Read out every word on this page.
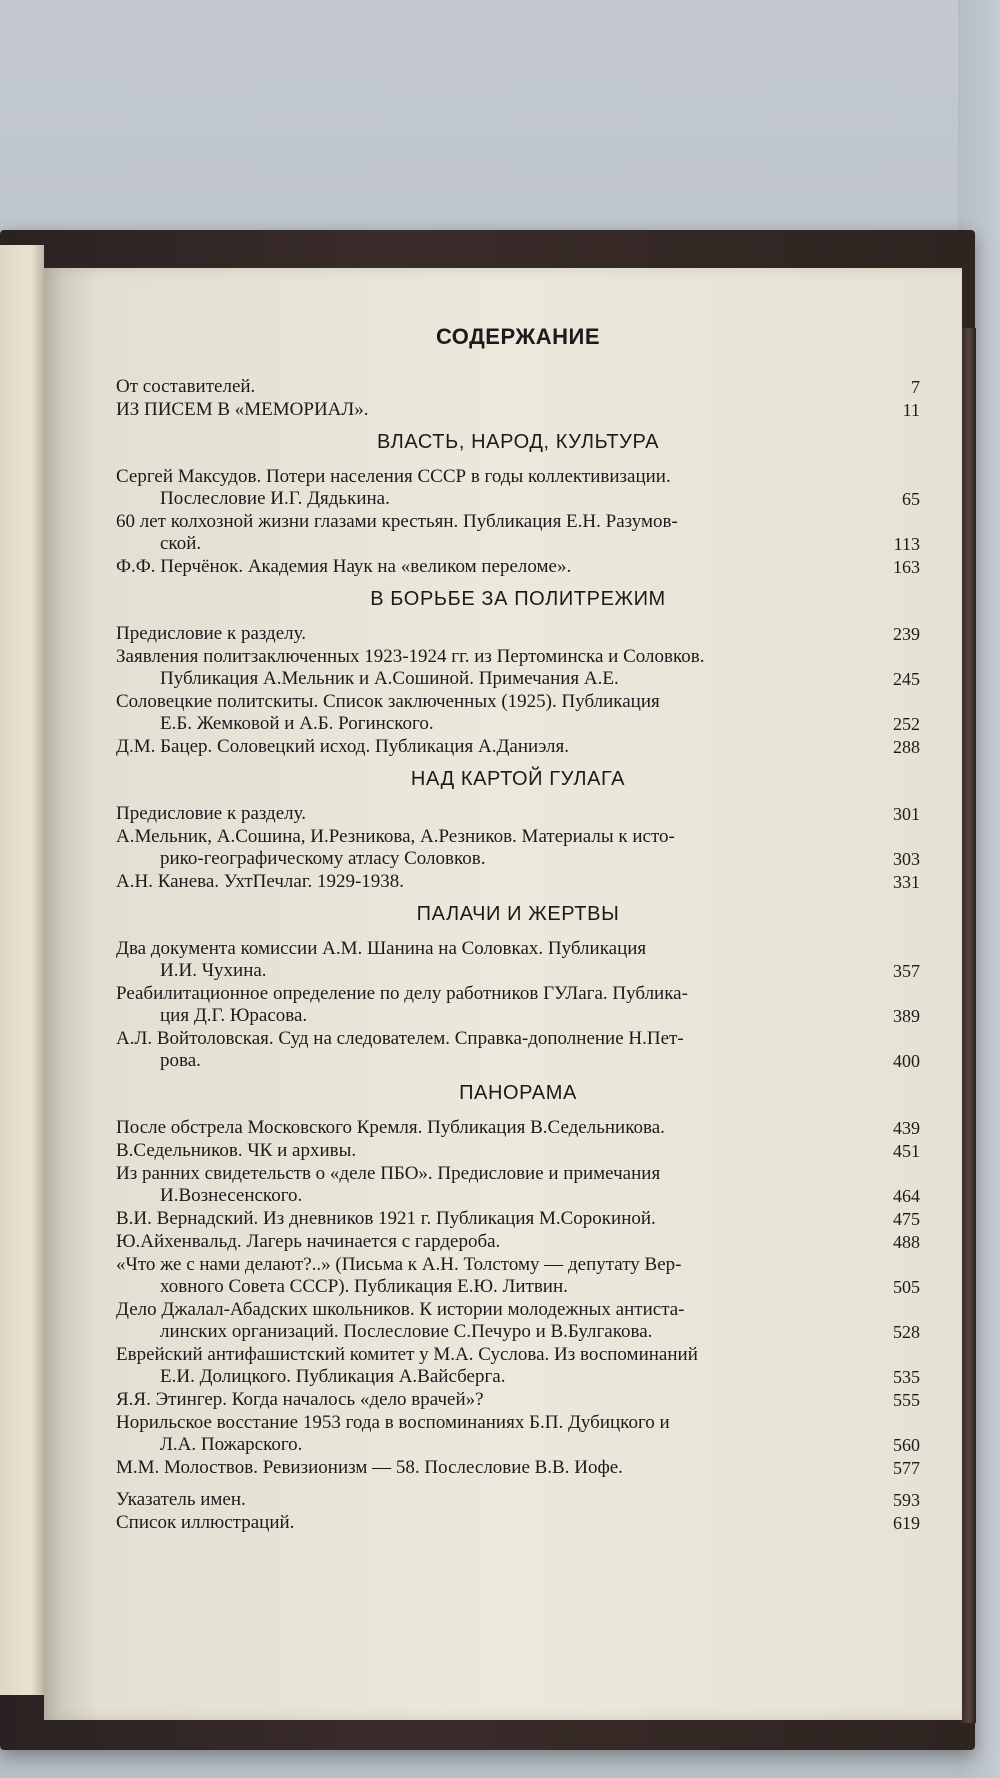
СОДЕРЖАНИЕ
От составителей.	7
ИЗ ПИСЕМ В «МЕМОРИАЛ».	11
ВЛАСТЬ, НАРОД, КУЛЬТУРА
Сергей Максудов. Потери населения СССР в годы коллективизации.
Послесловие И.Г. Дядькина.	65
60 лет колхозной жизни глазами крестьян. Публикация Е.Н. Разумов-
ской.	113
Ф.Ф. Перчёнок. Академия Наук на «великом переломе».	163
В БОРЬБЕ ЗА ПОЛИТРЕЖИМ
Предисловие к разделу.	239
Заявления политзаключенных 1923-1924 гг. из Пертоминска и Соловков.
Публикация А.Мельник и А.Сошиной. Примечания А.Е.	245
Соловецкие политскиты. Список заключенных (1925). Публикация
Е.Б. Жемковой и А.Б. Рогинского.	252
Д.М. Бацер. Соловецкий исход. Публикация А.Даниэля.	288
НАД КАРТОЙ ГУЛАГА
Предисловие к разделу.	301
А.Мельник, А.Сошина, И.Резникова, А.Резников. Материалы к исто-
рико-географическому атласу Соловков.	303
А.Н. Канева. УхтПечлаг. 1929-1938.	331
ПАЛАЧИ И ЖЕРТВЫ
Два документа комиссии А.М. Шанина на Соловках. Публикация
И.И. Чухина.	357
Реабилитационное определение по делу работников ГУЛага. Публика-
ция Д.Г. Юрасова.	389
А.Л. Войтоловская. Суд на следователем. Справка-дополнение Н.Пет-
рова.	400
ПАНОРАМА
После обстрела Московского Кремля. Публикация В.Седельникова.	439
В.Седельников. ЧК и архивы.	451
Из ранних свидетельств о «деле ПБО». Предисловие и примечания
И.Вознесенского.	464
В.И. Вернадский. Из дневников 1921 г. Публикация М.Сорокиной.	475
Ю.Айхенвальд. Лагерь начинается с гардероба.	488
«Что же с нами делают?..» (Письма к А.Н. Толстому — депутату Вер-
ховного Совета СССР). Публикация Е.Ю. Литвин.	505
Дело Джалал-Абадских школьников. К истории молодежных антиста-
линских организаций. Послесловие С.Печуро и В.Булгакова.	528
Еврейский антифашистский комитет у М.А. Суслова. Из воспоминаний
Е.И. Долицкого. Публикация А.Вайсберга.	535
Я.Я. Этингер. Когда началось «дело врачей»?	555
Норильское восстание 1953 года в воспоминаниях Б.П. Дубицкого и
Л.А. Пожарского.	560
М.М. Молоствов. Ревизионизм — 58. Послесловие В.В. Иофе.	577
Указатель имен.	593
Список иллюстраций.	619
